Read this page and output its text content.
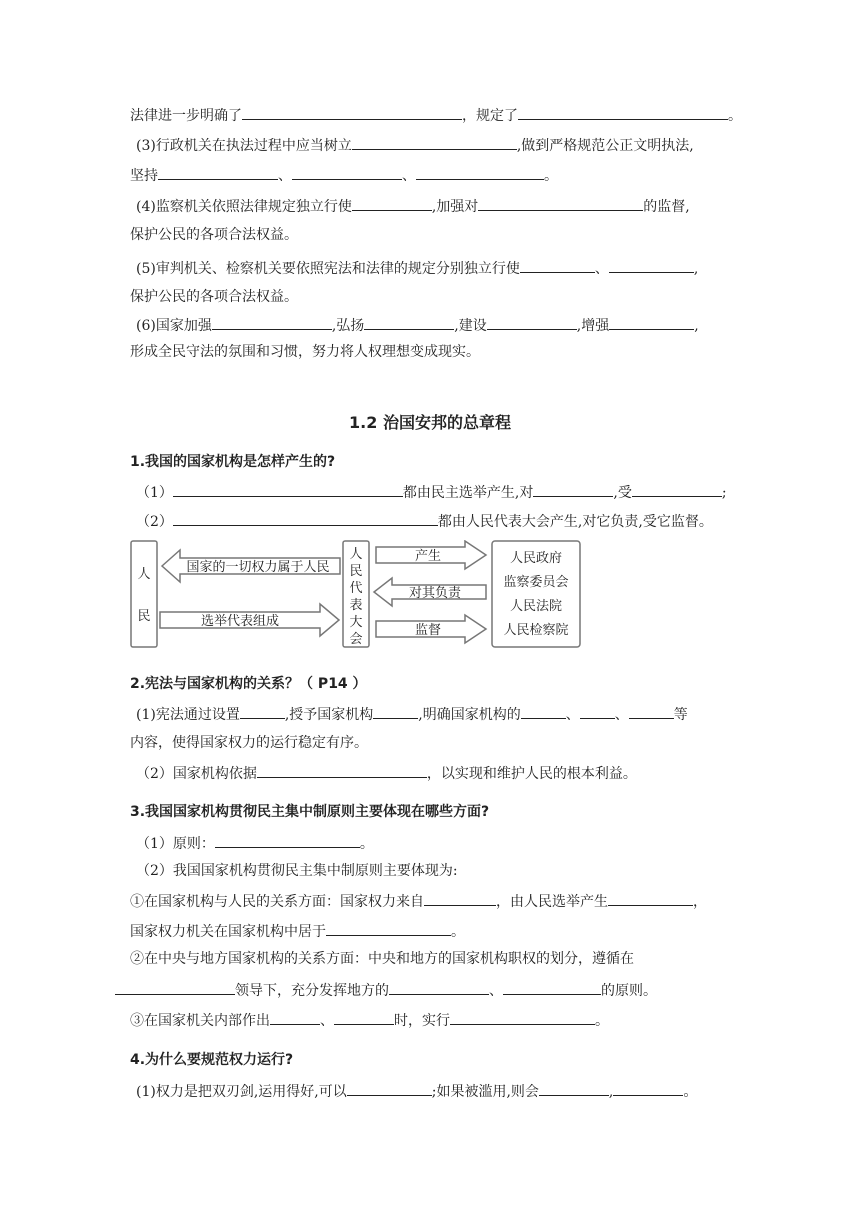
法律进一步明确了	，规定了	。
(3)行政机关在执法过程中应当树立	,做到严格规范公正文明执法,
坚持	、	、	。
(4)监察机关依照法律规定独立行使	,加强对	的监督,
保护公民的各项合法权益。
(5)审判机关、检察机关要依照宪法和法律的规定分别独立行使	、	,
保护公民的各项合法权益。
(6)国家加强	,弘扬	,建设	,增强	,
形成全民守法的氛围和习惯，努力将人权理想变成现实。
1.2 治国安邦的总章程
1.我国的国家机构是怎样产生的?
（1）	都由民主选举产生,对	,受	;
（2）	都由人民代表大会产生,对它负责,受它监督。
人
民
国家的一切权力属于人民
选举代表组成
人
民
代
表
大
会
产生
对其负责
监督
人民政府
监察委员会
人民法院
人民检察院
2.宪法与国家机构的关系？（ P14 ）
(1)宪法通过设置	,授予国家机构	,明确国家机构的	、	、	等
内容，使得国家权力的运行稳定有序。
（2）国家机构依据	，以实现和维护人民的根本利益。
3.我国国家机构贯彻民主集中制原则主要体现在哪些方面?
（1）原则：	。
（2）我国国家机构贯彻民主集中制原则主要体现为:
①在国家机构与人民的关系方面：国家权力来自	，由人民选举产生	，
国家权力机关在国家机构中居于	。
②在中央与地方国家机构的关系方面：中央和地方的国家机构职权的划分，遵循在
领导下，充分发挥地方的	、	的原则。
③在国家机关内部作出	、	时，实行	。
4.为什么要规范权力运行?
(1)权力是把双刃剑,运用得好,可以	;如果被滥用,则会	,	。
